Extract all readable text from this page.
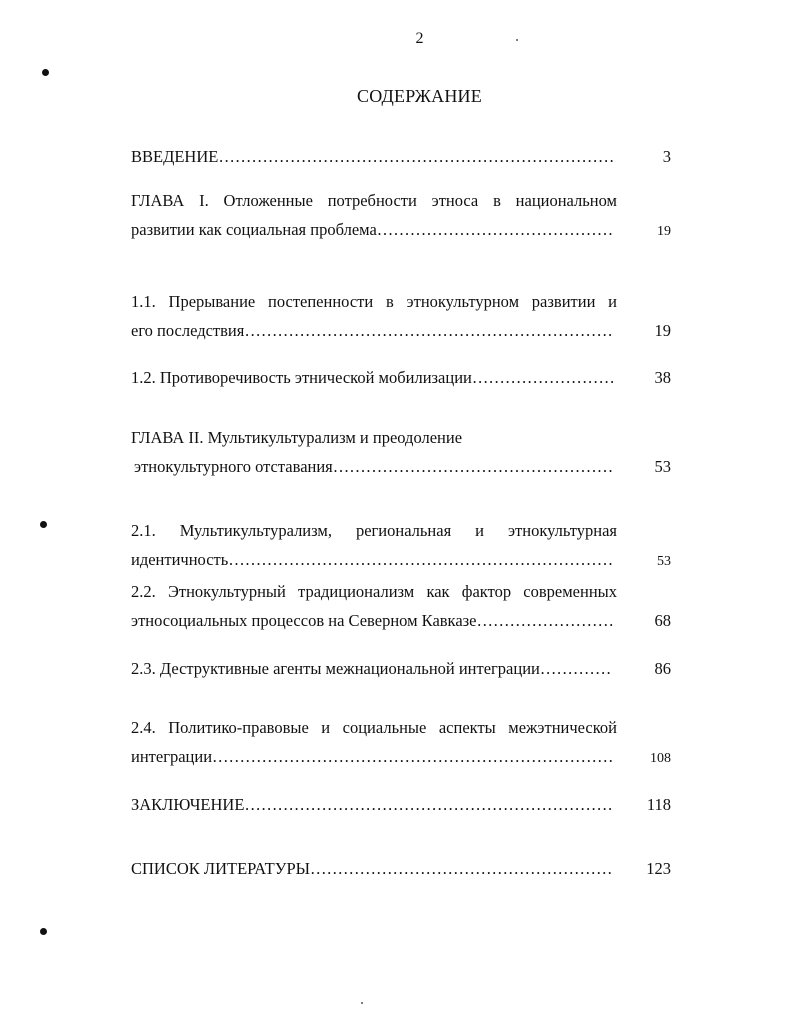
2
СОДЕРЖАНИЕ
ВВЕДЕНИЕ ………………………………………………………………………………………………………………………………………………	3
ГЛАВА I. Отложенные потребности этноса в национальном
развитии как социальная проблема ………………………………………………………………………………………………………………………………………………	19
1.1. Прерывание постепенности в этнокультурном развитии и
его последствия ………………………………………………………………………………………………………………………………………………	19
1.2. Противоречивость этнической мобилизации ………………………………………………………………………………………………………………………………………………	38
ГЛАВА II. Мультикультурализм и преодоление
этнокультурного отставания ………………………………………………………………………………………………………………………………………………	53
2.1. Мультикультурализм, региональная и этнокультурная
идентичность ………………………………………………………………………………………………………………………………………………	53
2.2. Этнокультурный традиционализм как фактор современных
этносоциальных процессов на Северном Кавказе ………………………………………………………………………………………………………………………………………………	68
2.3. Деструктивные агенты межнациональной интеграции ………………………………………………………………………………………………………………………………………………	86
2.4. Политико-правовые и социальные аспекты межэтнической
интеграции ………………………………………………………………………………………………………………………………………………	108
ЗАКЛЮЧЕНИЕ ………………………………………………………………………………………………………………………………………………	118
СПИСОК ЛИТЕРАТУРЫ ………………………………………………………………………………………………………………………………………………	123
